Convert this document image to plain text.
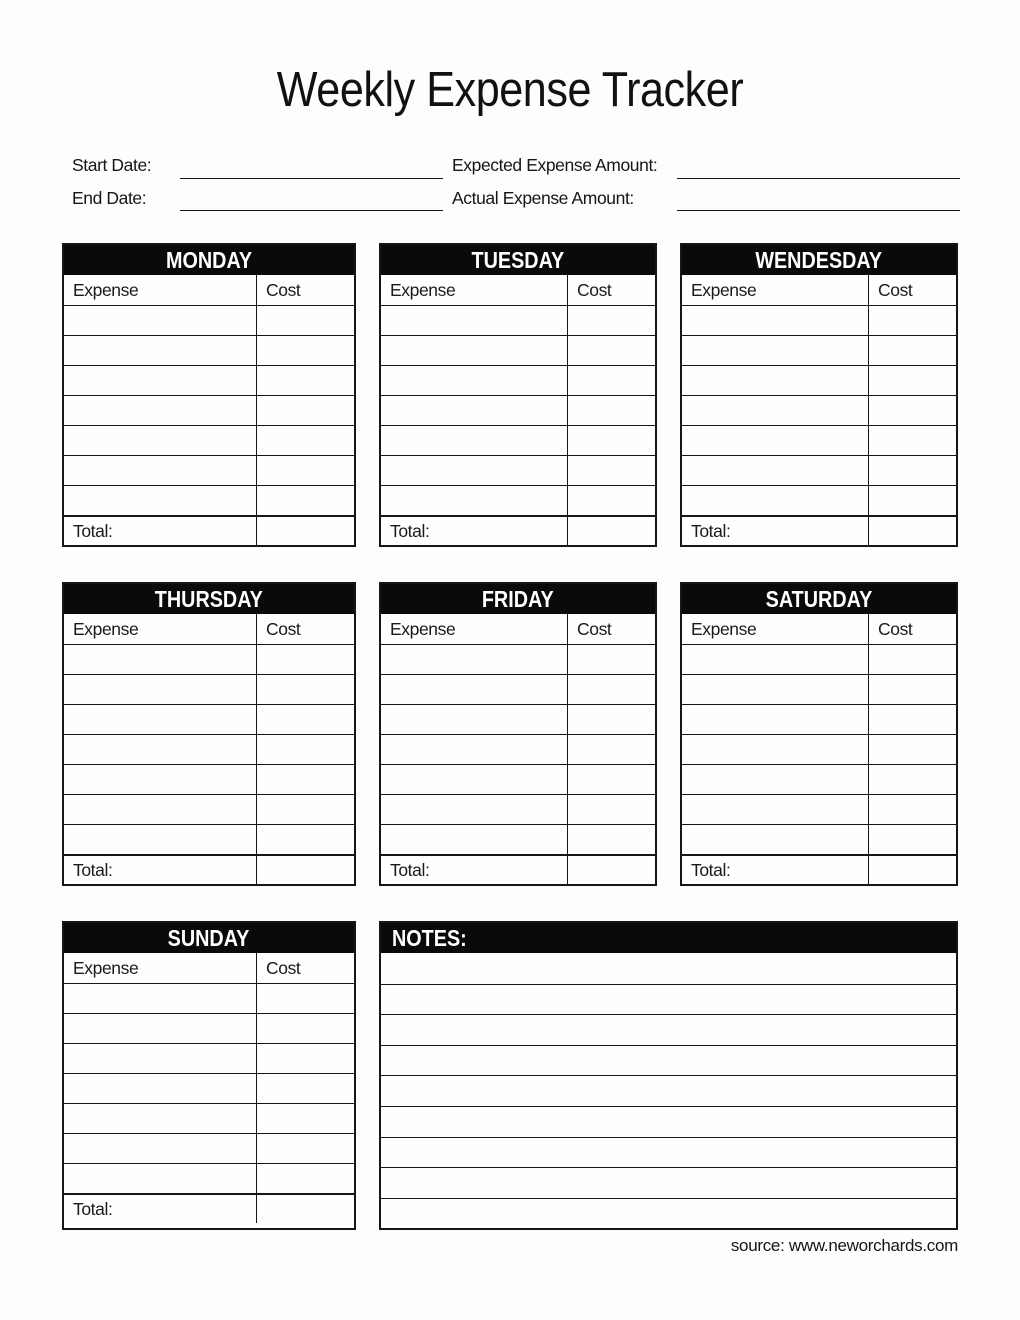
Weekly Expense Tracker
Start Date:	Expected Expense Amount:
End Date:	Actual Expense Amount:
MONDAY
Expense	Cost
Total:
TUESDAY
Expense	Cost
Total:
WENDESDAY
Expense	Cost
Total:
THURSDAY
Expense	Cost
Total:
FRIDAY
Expense	Cost
Total:
SATURDAY
Expense	Cost
Total:
SUNDAY
Expense	Cost
Total:
NOTES:
source: www.neworchards.com
